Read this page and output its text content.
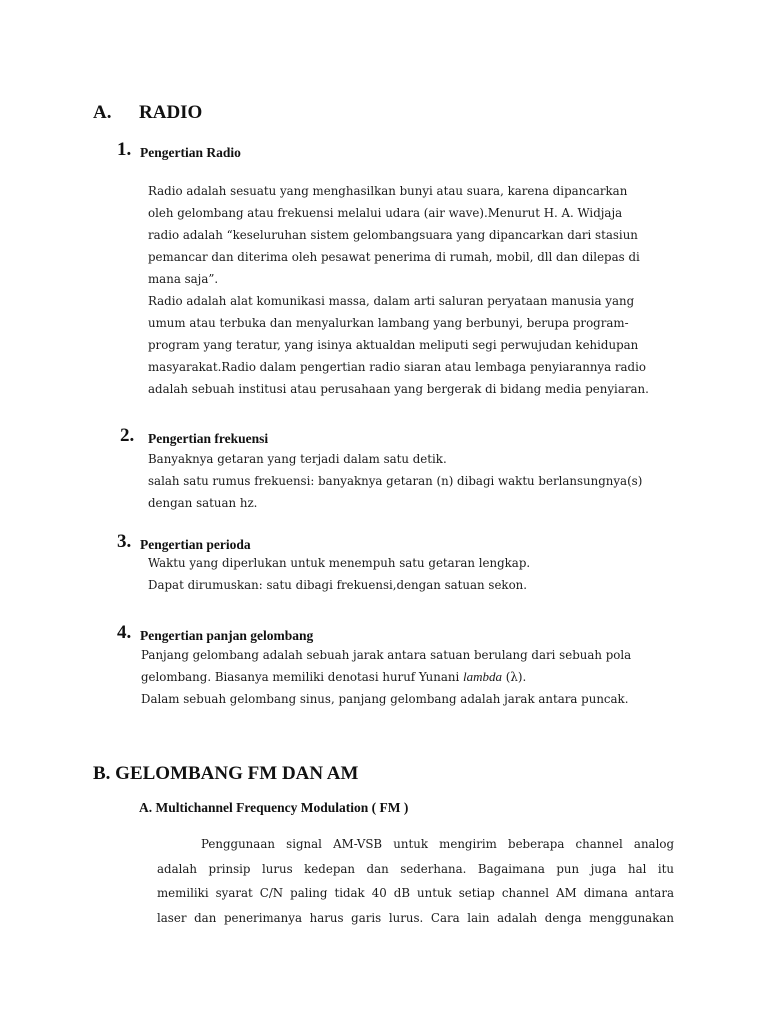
A. RADIO
1. Pengertian Radio
Radio adalah sesuatu yang menghasilkan bunyi atau suara, karena dipancarkan
oleh gelombang atau frekuensi melalui udara (air wave).Menurut H. A. Widjaja
radio adalah “keseluruhan sistem gelombangsuara yang dipancarkan dari stasiun
pemancar dan diterima oleh pesawat penerima di rumah, mobil, dll dan dilepas di
mana saja”.
Radio adalah alat komunikasi massa, dalam arti saluran peryataan manusia yang
umum atau terbuka dan menyalurkan lambang yang berbunyi, berupa program-
program yang teratur, yang isinya aktualdan meliputi segi perwujudan kehidupan
masyarakat.Radio dalam pengertian radio siaran atau lembaga penyiarannya radio
adalah sebuah institusi atau perusahaan yang bergerak di bidang media penyiaran.
2. Pengertian frekuensi
Banyaknya getaran yang terjadi dalam satu detik.
salah satu rumus frekuensi: banyaknya getaran (n) dibagi waktu berlansungnya(s)
dengan satuan hz.
3. Pengertian perioda
Waktu yang diperlukan untuk menempuh satu getaran lengkap.
Dapat dirumuskan: satu dibagi frekuensi,dengan satuan sekon.
4. Pengertian panjan gelombang
Panjang gelombang adalah sebuah jarak antara satuan berulang dari sebuah pola
gelombang. Biasanya memiliki denotasi huruf Yunani lambda (λ).
Dalam sebuah gelombang sinus, panjang gelombang adalah jarak antara puncak.
B. GELOMBANG FM DAN AM
A. Multichannel Frequency Modulation ( FM )
Penggunaan signal AM-VSB untuk mengirim beberapa channel analog
adalah prinsip lurus kedepan dan sederhana. Bagaimana pun juga hal itu
memiliki syarat C/N paling tidak 40 dB untuk setiap channel AM dimana antara
laser dan penerimanya harus garis lurus. Cara lain adalah denga menggunakan
